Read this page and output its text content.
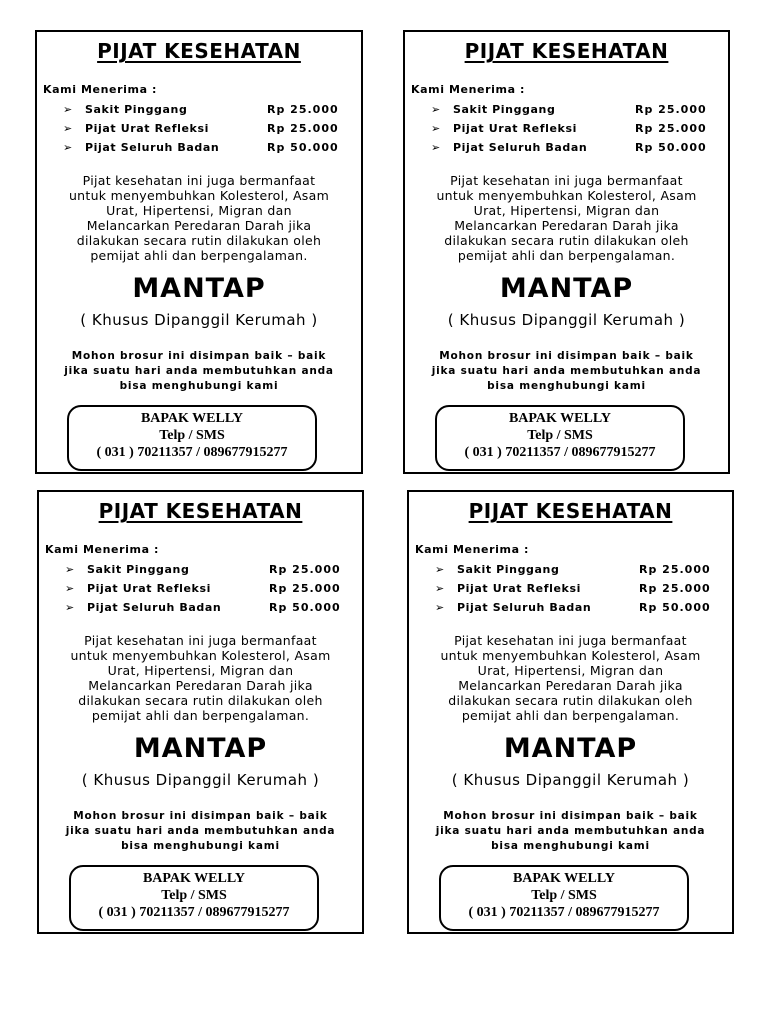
PIJAT KESEHATAN
Kami Menerima :
➢ Sakit Pinggang	Rp 25.000
➢ Pijat Urat Refleksi	Rp 25.000
➢ Pijat Seluruh Badan	Rp 50.000
Pijat kesehatan ini juga bermanfaat
untuk menyembuhkan Kolesterol, Asam
Urat, Hipertensi, Migran dan
Melancarkan Peredaran Darah jika
dilakukan secara rutin dilakukan oleh
pemijat ahli dan berpengalaman.
MANTAP
( Khusus Dipanggil Kerumah )
Mohon brosur ini disimpan baik – baik
jika suatu hari anda membutuhkan anda
bisa menghubungi kami
BAPAK WELLY
Telp / SMS
( 031 ) 70211357 / 089677915277
PIJAT KESEHATAN
Kami Menerima :
➢ Sakit Pinggang	Rp 25.000
➢ Pijat Urat Refleksi	Rp 25.000
➢ Pijat Seluruh Badan	Rp 50.000
Pijat kesehatan ini juga bermanfaat
untuk menyembuhkan Kolesterol, Asam
Urat, Hipertensi, Migran dan
Melancarkan Peredaran Darah jika
dilakukan secara rutin dilakukan oleh
pemijat ahli dan berpengalaman.
MANTAP
( Khusus Dipanggil Kerumah )
Mohon brosur ini disimpan baik – baik
jika suatu hari anda membutuhkan anda
bisa menghubungi kami
BAPAK WELLY
Telp / SMS
( 031 ) 70211357 / 089677915277
PIJAT KESEHATAN
Kami Menerima :
➢ Sakit Pinggang	Rp 25.000
➢ Pijat Urat Refleksi	Rp 25.000
➢ Pijat Seluruh Badan	Rp 50.000
Pijat kesehatan ini juga bermanfaat
untuk menyembuhkan Kolesterol, Asam
Urat, Hipertensi, Migran dan
Melancarkan Peredaran Darah jika
dilakukan secara rutin dilakukan oleh
pemijat ahli dan berpengalaman.
MANTAP
( Khusus Dipanggil Kerumah )
Mohon brosur ini disimpan baik – baik
jika suatu hari anda membutuhkan anda
bisa menghubungi kami
BAPAK WELLY
Telp / SMS
( 031 ) 70211357 / 089677915277
PIJAT KESEHATAN
Kami Menerima :
➢ Sakit Pinggang	Rp 25.000
➢ Pijat Urat Refleksi	Rp 25.000
➢ Pijat Seluruh Badan	Rp 50.000
Pijat kesehatan ini juga bermanfaat
untuk menyembuhkan Kolesterol, Asam
Urat, Hipertensi, Migran dan
Melancarkan Peredaran Darah jika
dilakukan secara rutin dilakukan oleh
pemijat ahli dan berpengalaman.
MANTAP
( Khusus Dipanggil Kerumah )
Mohon brosur ini disimpan baik – baik
jika suatu hari anda membutuhkan anda
bisa menghubungi kami
BAPAK WELLY
Telp / SMS
( 031 ) 70211357 / 089677915277
